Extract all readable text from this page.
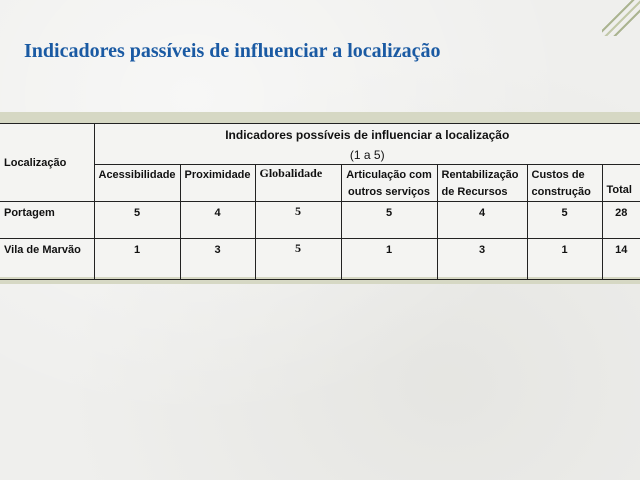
Indicadores passíveis de influenciar a localização
Localização	Indicadores possíveis de influenciar a localização
(1 a 5)						

	Acessibilidade	Proximidade	Globalidade	Articulação com outros serviços	Rentabilização de Recursos	Custos de construção	Total
Portagem	5	4	5	5	4	5	28
Vila de Marvão	1	3	5	1	3	1	14
